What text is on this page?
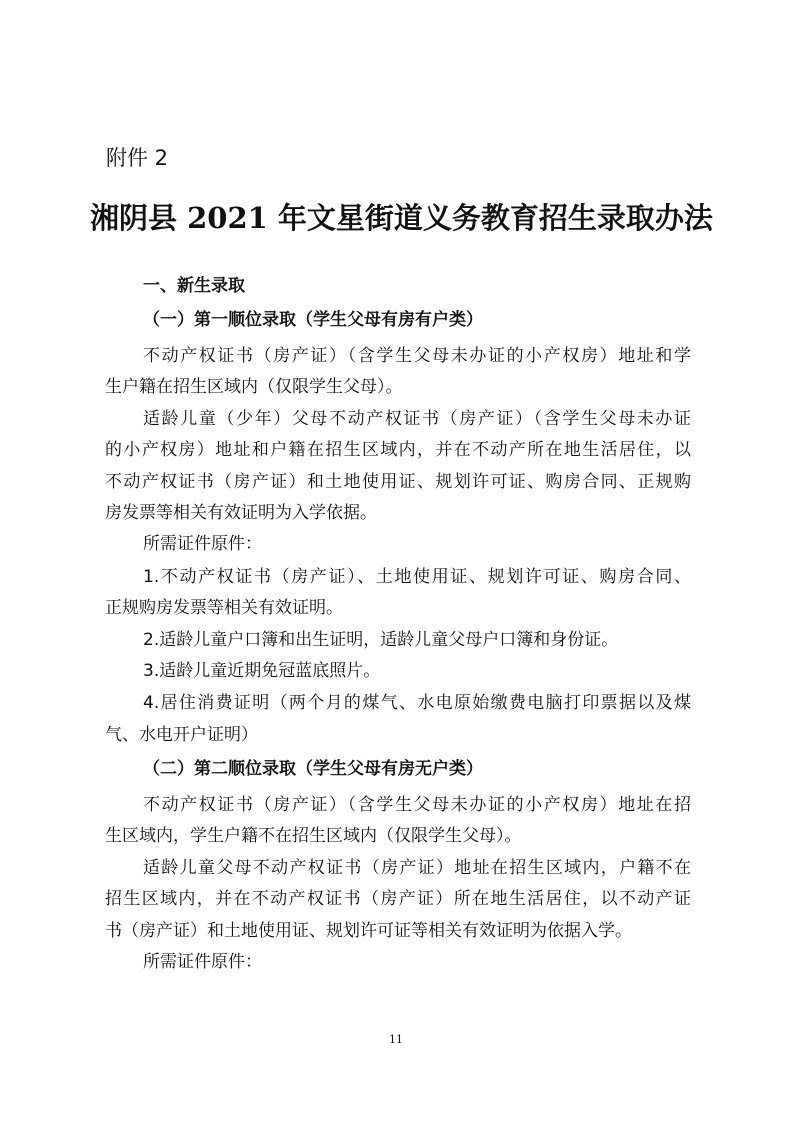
附件 2
湘阴县 2021 年文星街道义务教育招生录取办法
一、新生录取
（一）第一顺位录取（学生父母有房有户类）
不动产权证书（房产证）（含学生父母未办证的小产权房）地址和学
生户籍在招生区域内（仅限学生父母）。
适龄儿童（少年）父母不动产权证书（房产证）（含学生父母未办证
的小产权房）地址和户籍在招生区域内，并在不动产所在地生活居住，以
不动产权证书（房产证）和土地使用证、规划许可证、购房合同、正规购
房发票等相关有效证明为入学依据。
所需证件原件：
1.不动产权证书（房产证）、土地使用证、规划许可证、购房合同、
正规购房发票等相关有效证明。
2.适龄儿童户口簿和出生证明，适龄儿童父母户口簿和身份证。
3.适龄儿童近期免冠蓝底照片。
4.居住消费证明（两个月的煤气、水电原始缴费电脑打印票据以及煤
气、水电开户证明）
（二）第二顺位录取（学生父母有房无户类）
不动产权证书（房产证）（含学生父母未办证的小产权房）地址在招
生区域内，学生户籍不在招生区域内（仅限学生父母）。
适龄儿童父母不动产权证书（房产证）地址在招生区域内，户籍不在
招生区域内，并在不动产权证书（房产证）所在地生活居住，以不动产证
书（房产证）和土地使用证、规划许可证等相关有效证明为依据入学。
所需证件原件：
11
